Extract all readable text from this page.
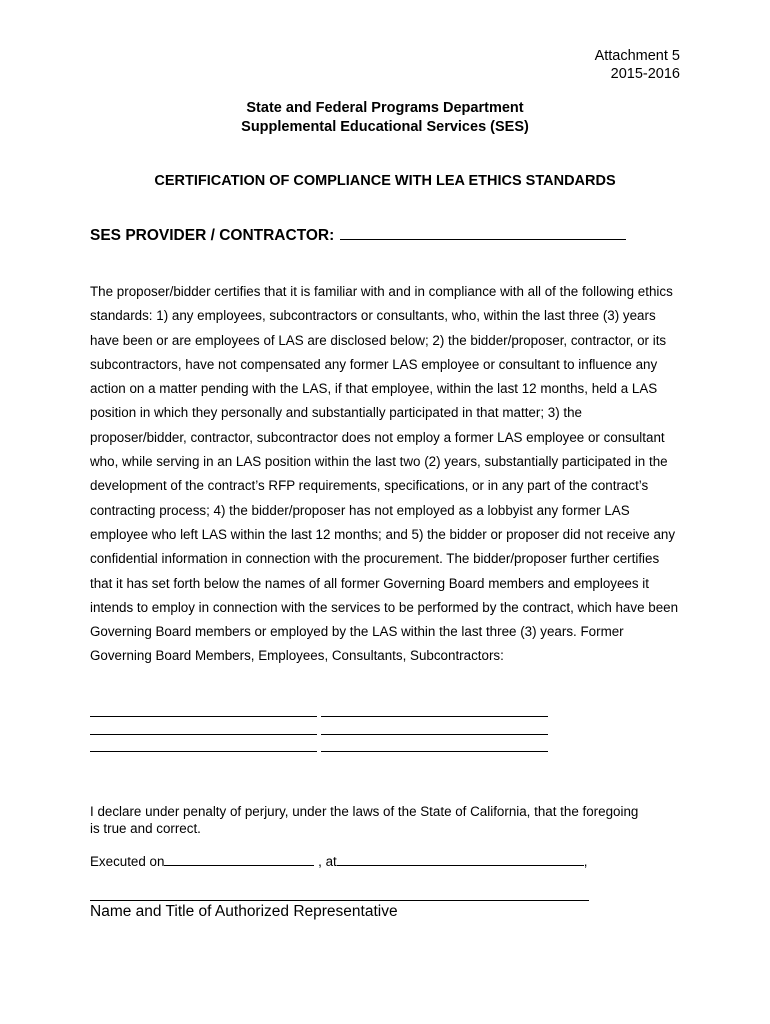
Attachment 5
2015-2016
State and Federal Programs Department
Supplemental Educational Services (SES)
CERTIFICATION OF COMPLIANCE WITH LEA ETHICS STANDARDS
SES PROVIDER / CONTRACTOR:
The proposer/bidder certifies that it is familiar with and in compliance with all of the following ethics standards: 1) any employees, subcontractors or consultants, who, within the last three (3) years have been or are employees of LAS are disclosed below; 2) the bidder/proposer, contractor, or its subcontractors, have not compensated any former LAS employee or consultant to influence any action on a matter pending with the LAS, if that employee, within the last 12 months, held a LAS position in which they personally and substantially participated in that matter; 3) the proposer/bidder, contractor, subcontractor does not employ a former LAS employee or consultant who, while serving in an LAS position within the last two (2) years, substantially participated in the development of the contract’s RFP requirements, specifications, or in any part of the contract’s contracting process; 4) the bidder/proposer has not employed as a lobbyist any former LAS employee who left LAS within the last 12 months; and 5) the bidder or proposer did not receive any confidential information in connection with the procurement. The bidder/proposer further certifies that it has set forth below the names of all former Governing Board members and employees it intends to employ in connection with the services to be performed by the contract, which have been Governing Board members or employed by the LAS within the last three (3) years. Former Governing Board Members, Employees, Consultants, Subcontractors:
I declare under penalty of perjury, under the laws of the State of California, that the foregoing is true and correct.
Executed on	, at	,
Name and Title of Authorized Representative
